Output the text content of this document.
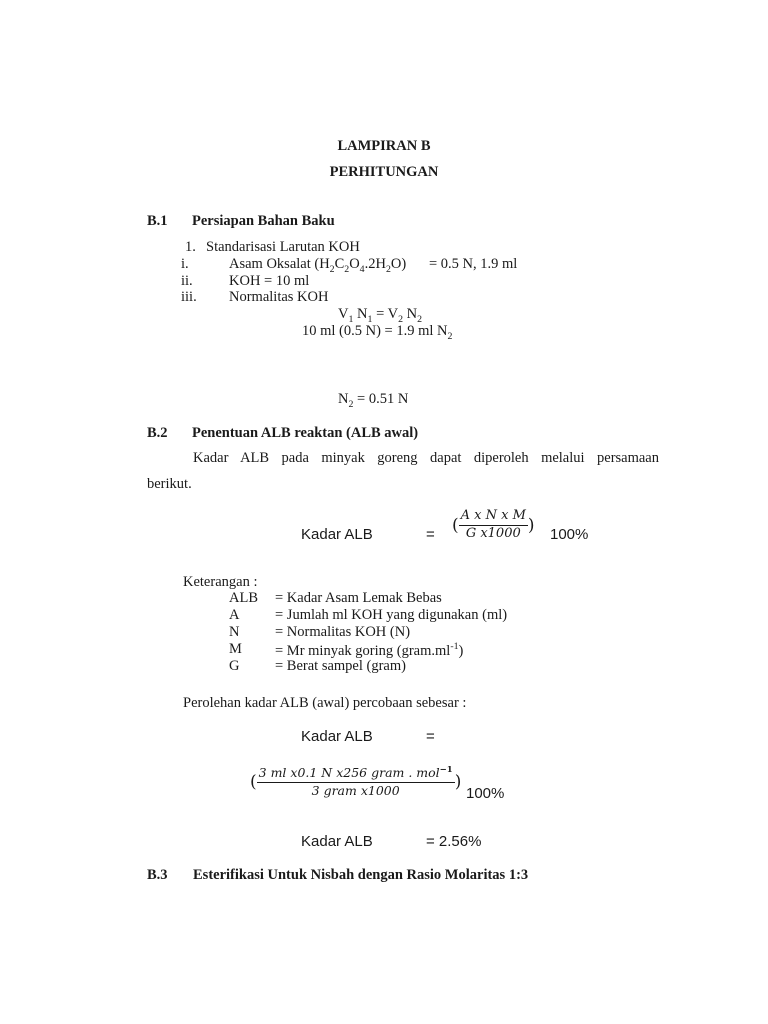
LAMPIRAN B
PERHITUNGAN
B.1 Persiapan Bahan Baku
1. Standarisasi Larutan KOH
i.	Asam Oksalat $(H_2C_2O_4.2H_2O) = 0.5$ N, 1.9 ml
ii.	KOH = 10 ml
iii. Normalitas KOH
$V_1$ $N_1 = V_2$ $N_2$
10 ml (0.5 N) = 1.9 ml $N_2$
$N_2 = 0.51$ N
B.2 Penentuan ALB reaktan (ALB awal)
Kadar ALB pada minyak goreng dapat diperoleh melalui persamaan
berikut.
Kadar ALB	= ( $\frac{\text{A x N x M}}{\text{G x1000}}$ ) 100%
Keterangan :
ALB = Kadar Asam Lemak Bebas
A = Jumlah ml KOH yang digunakan (ml)
N = Normalitas KOH (N)
M = Mr minyak goring $(gram.ml^{-1})$
G = Berat sampel (gram)
Perolehan kadar ALB (awal) percobaan sebesar :
Kadar ALB	=
( $\frac{3 ml x0.1 N x256 gram . mol^{-1}}{\text{3 gram x1000}}$ )
100%
Kadar ALB	= 2.56%
B.3 Esterifikasi Untuk Nisbah dengan Rasio Molaritas 1:3
